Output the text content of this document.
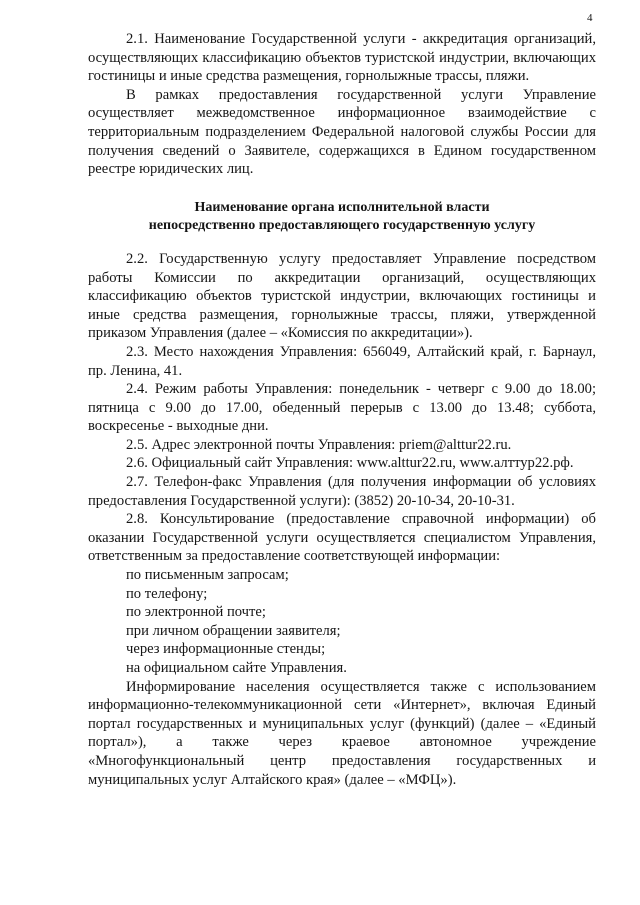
4

2.1. Наименование Государственной услуги - аккредитация организаций, осуществляющих классификацию объектов туристской индустрии, включающих гостиницы и иные средства размещения, горнолыжные трассы, пляжи.

В рамках предоставления государственной услуги Управление осуществляет межведомственное информационное взаимодействие с территориальным подразделением Федеральной налоговой службы России для получения сведений о Заявителе, содержащихся в Едином государственном реестре юридических лиц.

Наименование органа исполнительной власти
непосредственно предоставляющего государственную услугу

2.2. Государственную услугу предоставляет Управление посредством работы Комиссии по аккредитации организаций, осуществляющих классификацию объектов туристской индустрии, включающих гостиницы и иные средства размещения, горнолыжные трассы, пляжи, утвержденной приказом Управления (далее – «Комиссия по аккредитации»).

2.3. Место нахождения Управления: 656049, Алтайский край, г. Барнаул, пр. Ленина, 41.

2.4. Режим работы Управления: понедельник - четверг с 9.00 до 18.00; пятница с 9.00 до 17.00, обеденный перерыв с 13.00 до 13.48; суббота, воскресенье - выходные дни.

2.5. Адрес электронной почты Управления: priem@alttur22.ru.

2.6. Официальный сайт Управления: www.alttur22.ru, www.алттур22.рф.

2.7. Телефон-факс Управления (для получения информации об условиях предоставления Государственной услуги): (3852) 20-10-34, 20-10-31.

2.8. Консультирование (предоставление справочной информации) об оказании Государственной услуги осуществляется специалистом Управления, ответственным за предоставление соответствующей информации:

по письменным запросам;
по телефону;
по электронной почте;
при личном обращении заявителя;
через информационные стенды;
на официальном сайте Управления.

Информирование населения осуществляется также с использованием информационно-телекоммуникационной сети «Интернет», включая Единый портал государственных и муниципальных услуг (функций) (далее – «Единый портал»), а также через краевое автономное учреждение «Многофункциональный центр предоставления государственных и муниципальных услуг Алтайского края» (далее – «МФЦ»).
